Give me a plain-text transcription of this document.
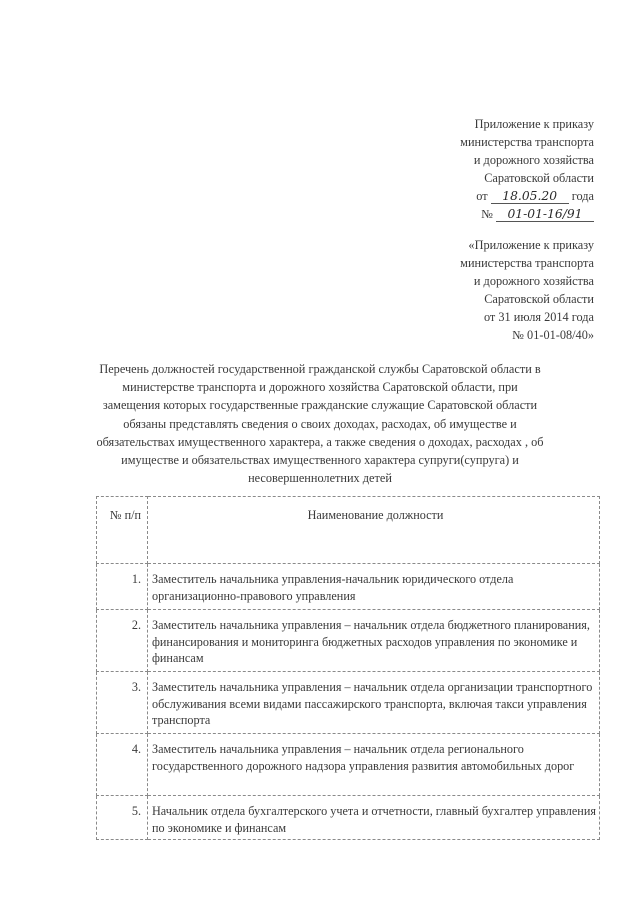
Приложение к приказу
министерства транспорта
и дорожного хозяйства
Саратовской области
от 18.05.20 года
№ 01-01-16/91
«Приложение к приказу
министерства транспорта
и дорожного хозяйства
Саратовской области
от 31 июля 2014 года
№ 01-01-08/40»
Перечень должностей государственной гражданской службы Саратовской области в министерстве транспорта и дорожного хозяйства Саратовской области, при замещения которых государственные гражданские служащие Саратовской области обязаны представлять сведения о своих доходах, расходах, об имуществе и обязательствах имущественного характера, а также сведения о доходах, расходах , об имуществе и обязательствах имущественного характера супруги(супруга) и несовершеннолетних детей
№ п/п	Наименование должности
1.	Заместитель начальника управления-начальник юридического отдела организационно-правового управления
2.	Заместитель начальника управления – начальник отдела бюджетного планирования, финансирования и мониторинга бюджетных расходов управления по экономике и финансам
3.	Заместитель начальника управления – начальник отдела организации транспортного обслуживания всеми видами пассажирского транспорта, включая такси управления транспорта
4.	Заместитель начальника управления – начальник отдела регионального государственного дорожного надзора управления развития автомобильных дорог
5.	Начальник отдела бухгалтерского учета и отчетности, главный бухгалтер управления по экономике и финансам
